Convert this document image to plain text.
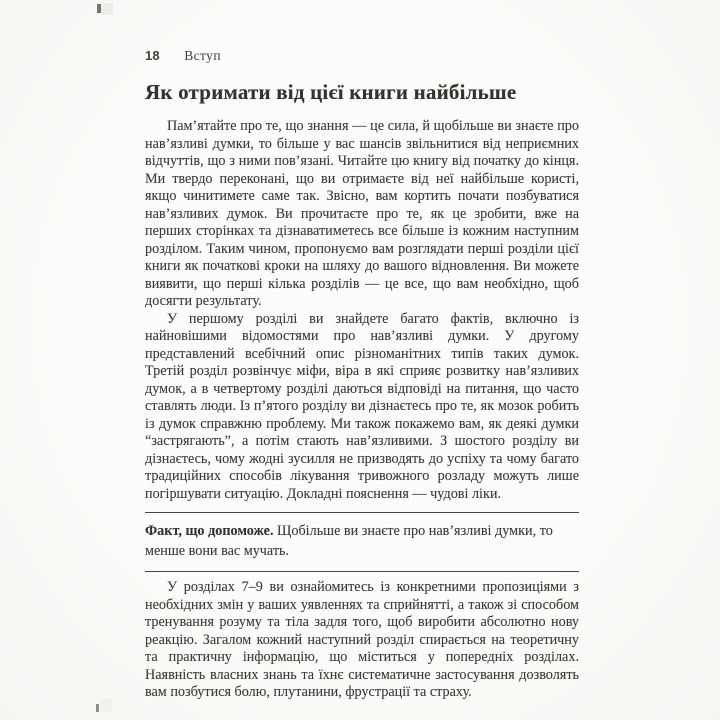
18 Вступ
Як отримати від цієї книги найбільше

Пам’ятайте про те, що знання — це сила, й щобільше ви знаєте про нав’язливі думки, то більше у вас шансів звільнитися від неприємних відчуттів, що з ними пов’язані. Читайте цю книгу від початку до кінця. Ми твердо переконані, що ви отримаєте від неї найбільше користі, якщо чинитимете саме так. Звісно, вам кортить почати позбуватися нав’язливих думок. Ви прочитаєте про те, як це зробити, вже на перших сторінках та дізнаватиметесь все більше із кожним наступним розділом. Таким чином, пропонуємо вам розглядати перші розділи цієї книги як початкові кроки на шляху до вашого відновлення. Ви можете виявити, що перші кілька розділів — це все, що вам необхідно, щоб досягти результату.

У першому розділі ви знайдете багато фактів, включно із найновішими відомостями про нав’язливі думки. У другому представлений всебічний опис різноманітних типів таких думок. Третій розділ розвінчує міфи, віра в які сприяє розвитку нав’язливих думок, а в четвертому розділі даються відповіді на питання, що часто ставлять люди. Із п’ятого розділу ви дізнаєтесь про те, як мозок робить із думок справжню проблему. Ми також покажемо вам, як деякі думки “застрягають”, а потім стають нав’язливими. З шостого розділу ви дізнаєтесь, чому жодні зусилля не призводять до успіху та чому багато традиційних способів лікування тривожного розладу можуть лише погіршувати ситуацію. Докладні пояснення — чудові ліки.

Факт, що допоможе. Щобільше ви знаєте про нав’язливі думки, то менше вони вас мучать.

У розділах 7–9 ви ознайомитесь із конкретними пропозиціями з необхідних змін у ваших уявленнях та сприйнятті, а також зі способом тренування розуму та тіла задля того, щоб виробити абсолютно нову реакцію. Загалом кожний наступний розділ спирається на теоретичну та практичну інформацію, що міститься у попередніх розділах. Наявність власних знань та їхнє систематичне застосування дозволять вам позбутися болю, плутанини, фрустрації та страху.
